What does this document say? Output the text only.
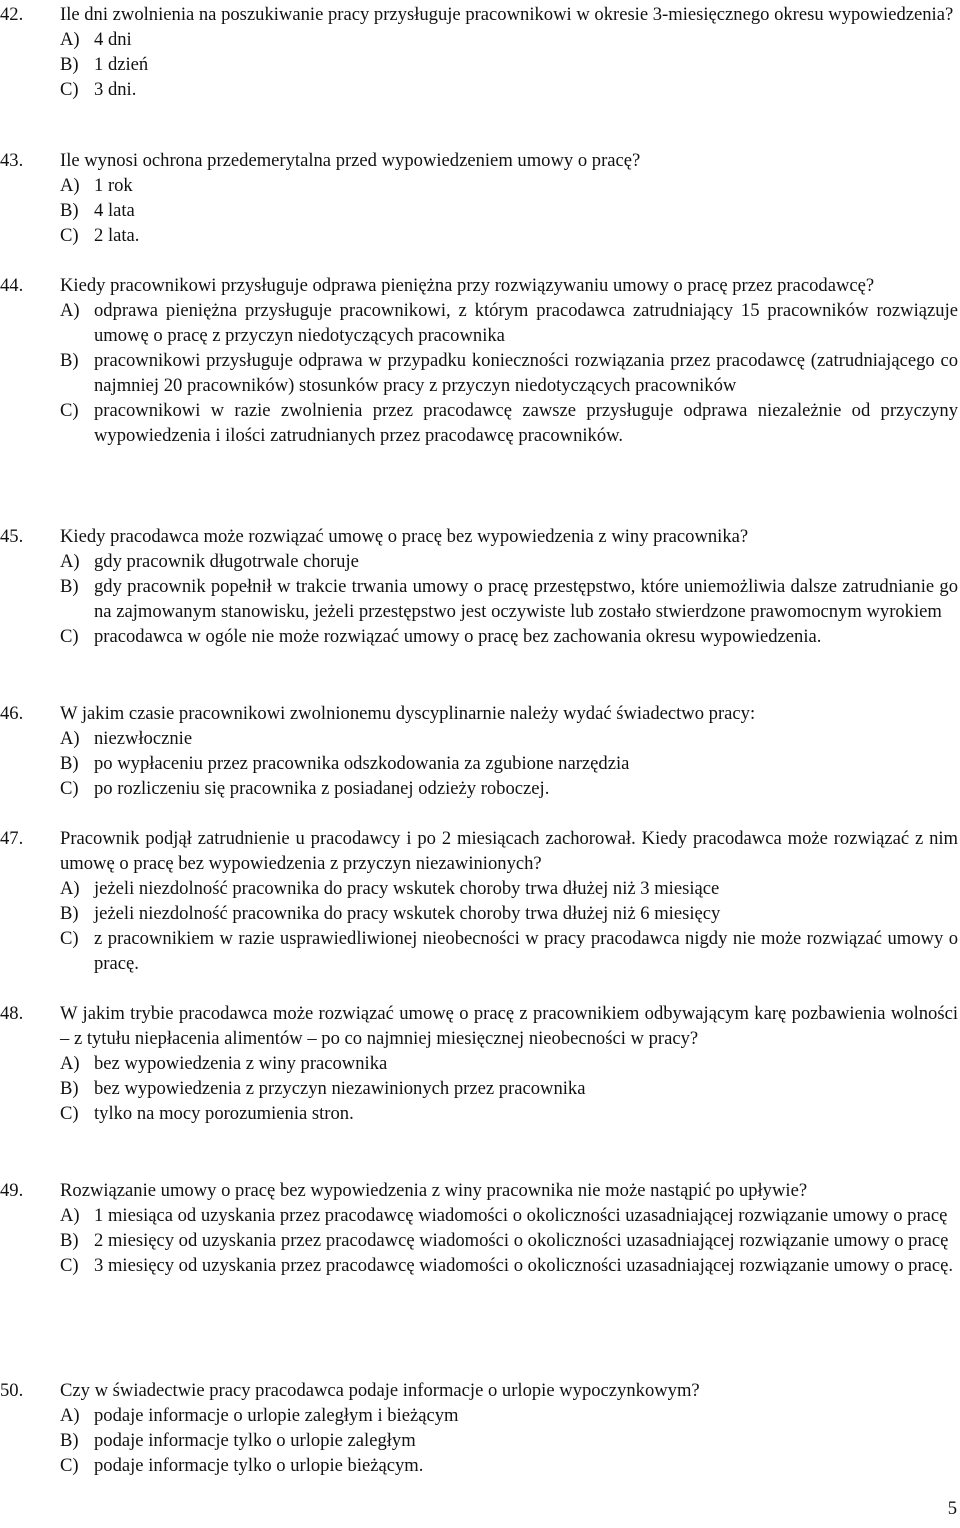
42. Ile dni zwolnienia na poszukiwanie pracy przysługuje pracownikowi w okresie 3-miesięcznego okresu wypowiedzenia?
A) 4 dni
B) 1 dzień
C) 3 dni.
43. Ile wynosi ochrona przedemerytalna przed wypowiedzeniem umowy o pracę?
A) 1 rok
B) 4 lata
C) 2 lata.
44. Kiedy pracownikowi przysługuje odprawa pieniężna przy rozwiązywaniu umowy o pracę przez pracodawcę?
A) odprawa pieniężna przysługuje pracownikowi, z którym pracodawca zatrudniający 15 pracowników rozwiązuje umowę o pracę z przyczyn niedotyczących pracownika
B) pracownikowi przysługuje odprawa w przypadku konieczności rozwiązania przez pracodawcę (zatrudniającego co najmniej 20 pracowników) stosunków pracy z przyczyn niedotyczących pracowników
C) pracownikowi w razie zwolnienia przez pracodawcę zawsze przysługuje odprawa niezależnie od przyczyny wypowiedzenia i ilości zatrudnianych przez pracodawcę pracowników.
45. Kiedy pracodawca może rozwiązać umowę o pracę bez wypowiedzenia z winy pracownika?
A) gdy pracownik długotrwale choruje
B) gdy pracownik popełnił w trakcie trwania umowy o pracę przestępstwo, które uniemożliwia dalsze zatrudnianie go na zajmowanym stanowisku, jeżeli przestępstwo jest oczywiste lub zostało stwierdzone prawomocnym wyrokiem
C) pracodawca w ogóle nie może rozwiązać umowy o pracę bez zachowania okresu wypowiedzenia.
46. W jakim czasie pracownikowi zwolnionemu dyscyplinarnie należy wydać świadectwo pracy:
A) niezwłocznie
B) po wypłaceniu przez pracownika odszkodowania za zgubione narzędzia
C) po rozliczeniu się pracownika z posiadanej odzieży roboczej.
47. Pracownik podjął zatrudnienie u pracodawcy i po 2 miesiącach zachorował. Kiedy pracodawca może rozwiązać z nim umowę o pracę bez wypowiedzenia z przyczyn niezawinionych?
A) jeżeli niezdolność pracownika do pracy wskutek choroby trwa dłużej niż 3 miesiące
B) jeżeli niezdolność pracownika do pracy wskutek choroby trwa dłużej niż 6 miesięcy
C) z pracownikiem w razie usprawiedliwionej nieobecności w pracy pracodawca nigdy nie może rozwiązać umowy o pracę.
48. W jakim trybie pracodawca może rozwiązać umowę o pracę z pracownikiem odbywającym karę pozbawienia wolności – z tytułu niepłacenia alimentów – po co najmniej miesięcznej nieobecności w pracy?
A) bez wypowiedzenia z winy pracownika
B) bez wypowiedzenia z przyczyn niezawinionych przez pracownika
C) tylko na mocy porozumienia stron.
49. Rozwiązanie umowy o pracę bez wypowiedzenia z winy pracownika nie może nastąpić po upływie?
A) 1 miesiąca od uzyskania przez pracodawcę wiadomości o okoliczności uzasadniającej rozwiązanie umowy o pracę
B) 2 miesięcy od uzyskania przez pracodawcę wiadomości o okoliczności uzasadniającej rozwiązanie umowy o pracę
C) 3 miesięcy od uzyskania przez pracodawcę wiadomości o okoliczności uzasadniającej rozwiązanie umowy o pracę.
50. Czy w świadectwie pracy pracodawca podaje informacje o urlopie wypoczynkowym?
A) podaje informacje o urlopie zaległym i bieżącym
B) podaje informacje tylko o urlopie zaległym
C) podaje informacje tylko o urlopie bieżącym.
5
